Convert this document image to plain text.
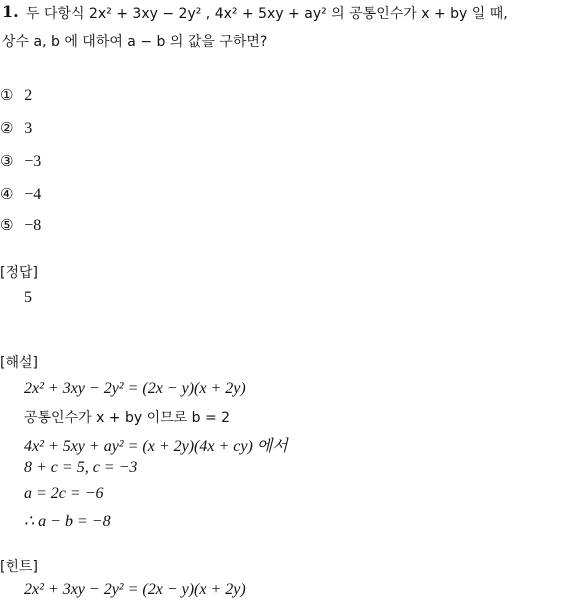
1. 두 다항식 2x² + 3xy − 2y² , 4x² + 5xy + ay² 의 공통인수가 x + by 일 때,
상수 a, b 에 대하여 a − b 의 값을 구하면?
① 2
② 3
③ −3
④ −4
⑤ −8
[정답]
5
[해설]
2x² + 3xy − 2y² = (2x − y)(x + 2y)
공통인수가 x + by 이므로 b = 2
4x² + 5xy + ay² = (x + 2y)(4x + cy) 에서
8 + c = 5, c = −3
a = 2c = −6
∴ a − b = −8
[힌트]
2x² + 3xy − 2y² = (2x − y)(x + 2y)
